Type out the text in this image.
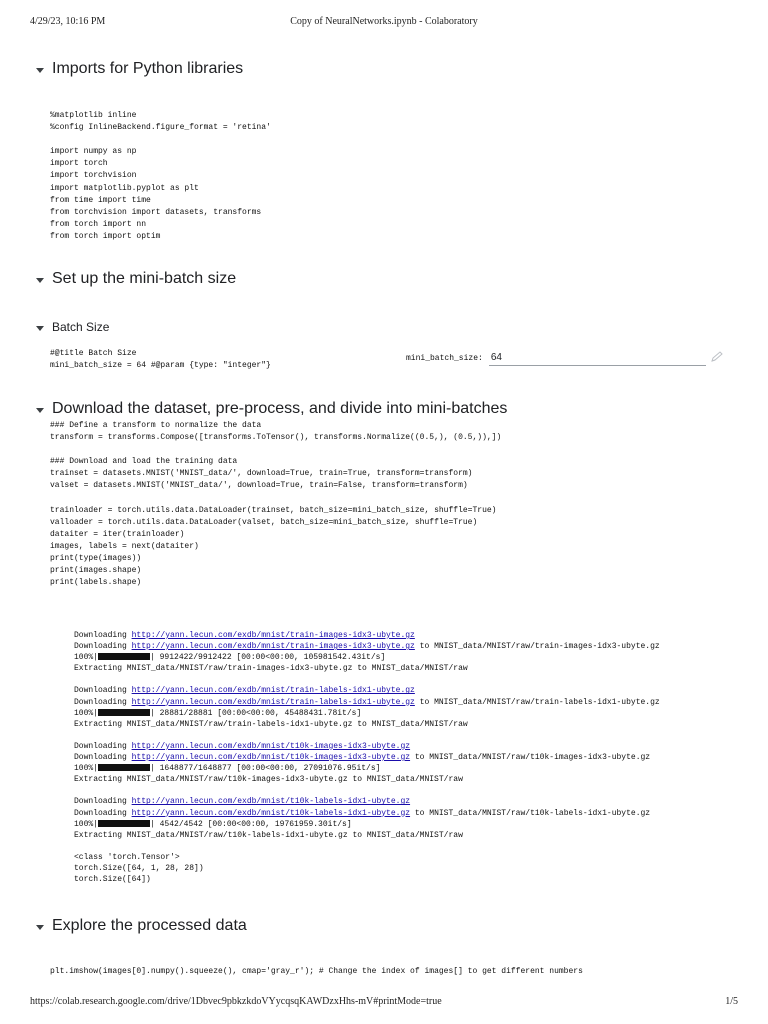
4/29/23, 10:16 PM	Copy of NeuralNetworks.ipynb - Colaboratory
Imports for Python libraries
%matplotlib inline
%config InlineBackend.figure_format = 'retina'

import numpy as np
import torch
import torchvision
import matplotlib.pyplot as plt
from time import time
from torchvision import datasets, transforms
from torch import nn
from torch import optim
Set up the mini-batch size
Batch Size
#@title Batch Size
mini_batch_size = 64 #@param {type: "integer"}
mini_batch_size:
64
Download the dataset, pre-process, and divide into mini-batches
### Define a transform to normalize the data
transform = transforms.Compose([transforms.ToTensor(), transforms.Normalize((0.5,), (0.5,)),])

### Download and load the training data
trainset = datasets.MNIST('MNIST_data/', download=True, train=True, transform=transform)
valset = datasets.MNIST('MNIST_data/', download=True, train=False, transform=transform)

trainloader = torch.utils.data.DataLoader(trainset, batch_size=mini_batch_size, shuffle=True)
valloader = torch.utils.data.DataLoader(valset, batch_size=mini_batch_size, shuffle=True)
dataiter = iter(trainloader)
images, labels = next(dataiter)
print(type(images))
print(images.shape)
print(labels.shape)
Downloading http://yann.lecun.com/exdb/mnist/train-images-idx3-ubyte.gz
Downloading http://yann.lecun.com/exdb/mnist/train-images-idx3-ubyte.gz to MNIST_data/MNIST/raw/train-images-idx3-ubyte.gz
100%|	| 9912422/9912422 [00:00<00:00, 105981542.43it/s]
Extracting MNIST_data/MNIST/raw/train-images-idx3-ubyte.gz to MNIST_data/MNIST/raw
Downloading http://yann.lecun.com/exdb/mnist/train-labels-idx1-ubyte.gz
Downloading http://yann.lecun.com/exdb/mnist/train-labels-idx1-ubyte.gz to MNIST_data/MNIST/raw/train-labels-idx1-ubyte.gz
100%|	| 28881/28881 [00:00<00:00, 45488431.78it/s]
Extracting MNIST_data/MNIST/raw/train-labels-idx1-ubyte.gz to MNIST_data/MNIST/raw
Downloading http://yann.lecun.com/exdb/mnist/t10k-images-idx3-ubyte.gz
Downloading http://yann.lecun.com/exdb/mnist/t10k-images-idx3-ubyte.gz to MNIST_data/MNIST/raw/t10k-images-idx3-ubyte.gz
100%|	| 1648877/1648877 [00:00<00:00, 27091076.95it/s]
Extracting MNIST_data/MNIST/raw/t10k-images-idx3-ubyte.gz to MNIST_data/MNIST/raw
Downloading http://yann.lecun.com/exdb/mnist/t10k-labels-idx1-ubyte.gz
Downloading http://yann.lecun.com/exdb/mnist/t10k-labels-idx1-ubyte.gz to MNIST_data/MNIST/raw/t10k-labels-idx1-ubyte.gz
100%|	| 4542/4542 [00:00<00:00, 19761959.30it/s]
Extracting MNIST_data/MNIST/raw/t10k-labels-idx1-ubyte.gz to MNIST_data/MNIST/raw
<class 'torch.Tensor'>
torch.Size([64, 1, 28, 28])
torch.Size([64])
Explore the processed data
plt.imshow(images[0].numpy().squeeze(), cmap='gray_r'); # Change the index of images[] to get different numbers
https://colab.research.google.com/drive/1Dbvec9pbkzkdoVYycqsqKAWDzxHhs-mV#printMode=true	1/5
